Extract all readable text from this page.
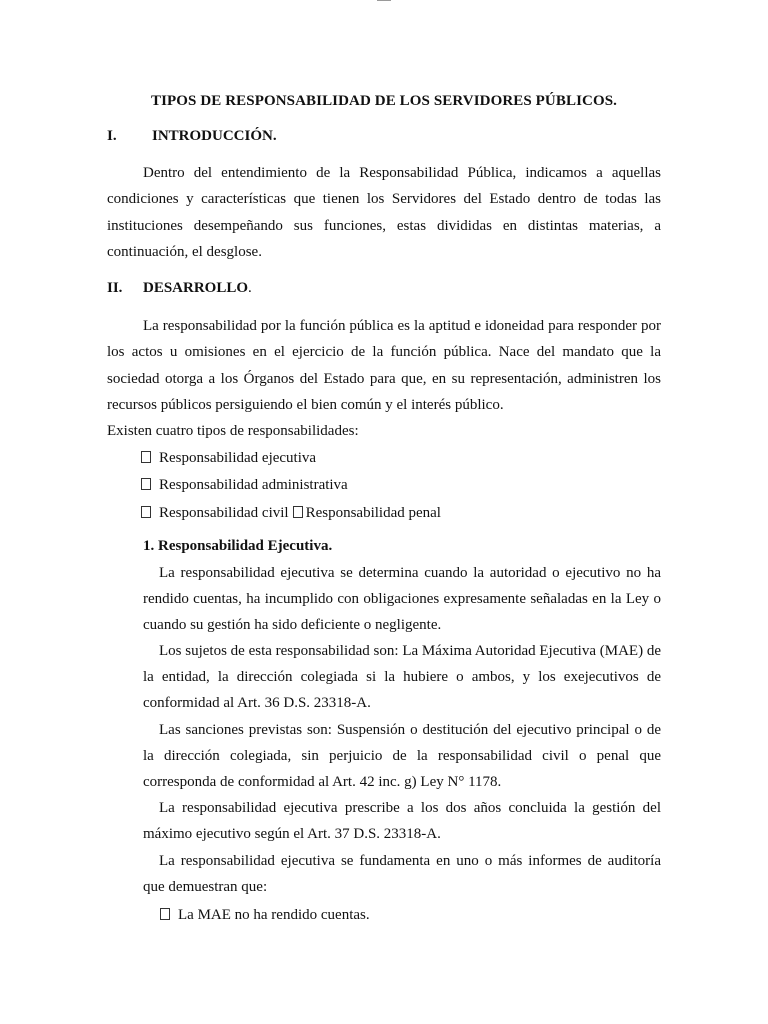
TIPOS DE RESPONSABILIDAD DE LOS SERVIDORES PÚBLICOS.
I. INTRODUCCIÓN.

Dentro del entendimiento de la Responsabilidad Pública, indicamos a aquellas condiciones y características que tienen los Servidores del Estado dentro de todas las instituciones desempeñando sus funciones, estas divididas en distintas materias, a continuación, el desglose.

II. DESARROLLO.

La responsabilidad por la función pública es la aptitud e idoneidad para responder por los actos u omisiones en el ejercicio de la función pública. Nace del mandato que la sociedad otorga a los Órganos del Estado para que, en su representación, administren los recursos públicos persiguiendo el bien común y el interés público.

Existen cuatro tipos de responsabilidades:

Responsabilidad ejecutiva
Responsabilidad administrativa
Responsabilidad civil Responsabilidad penal
1. Responsabilidad Ejecutiva.

La responsabilidad ejecutiva se determina cuando la autoridad o ejecutivo no ha rendido cuentas, ha incumplido con obligaciones expresamente señaladas en la Ley o cuando su gestión ha sido deficiente o negligente.

Los sujetos de esta responsabilidad son: La Máxima Autoridad Ejecutiva (MAE) de la entidad, la dirección colegiada si la hubiere o ambos, y los exejecutivos de conformidad al Art. 36 D.S. 23318-A.

Las sanciones previstas son: Suspensión o destitución del ejecutivo principal o de la dirección colegiada, sin perjuicio de la responsabilidad civil o penal que corresponda de conformidad al Art. 42 inc. g) Ley N° 1178.

La responsabilidad ejecutiva prescribe a los dos años concluida la gestión del máximo ejecutivo según el Art. 37 D.S. 23318-A.

La responsabilidad ejecutiva se fundamenta en uno o más informes de auditoría que demuestran que:

La MAE no ha rendido cuentas.
